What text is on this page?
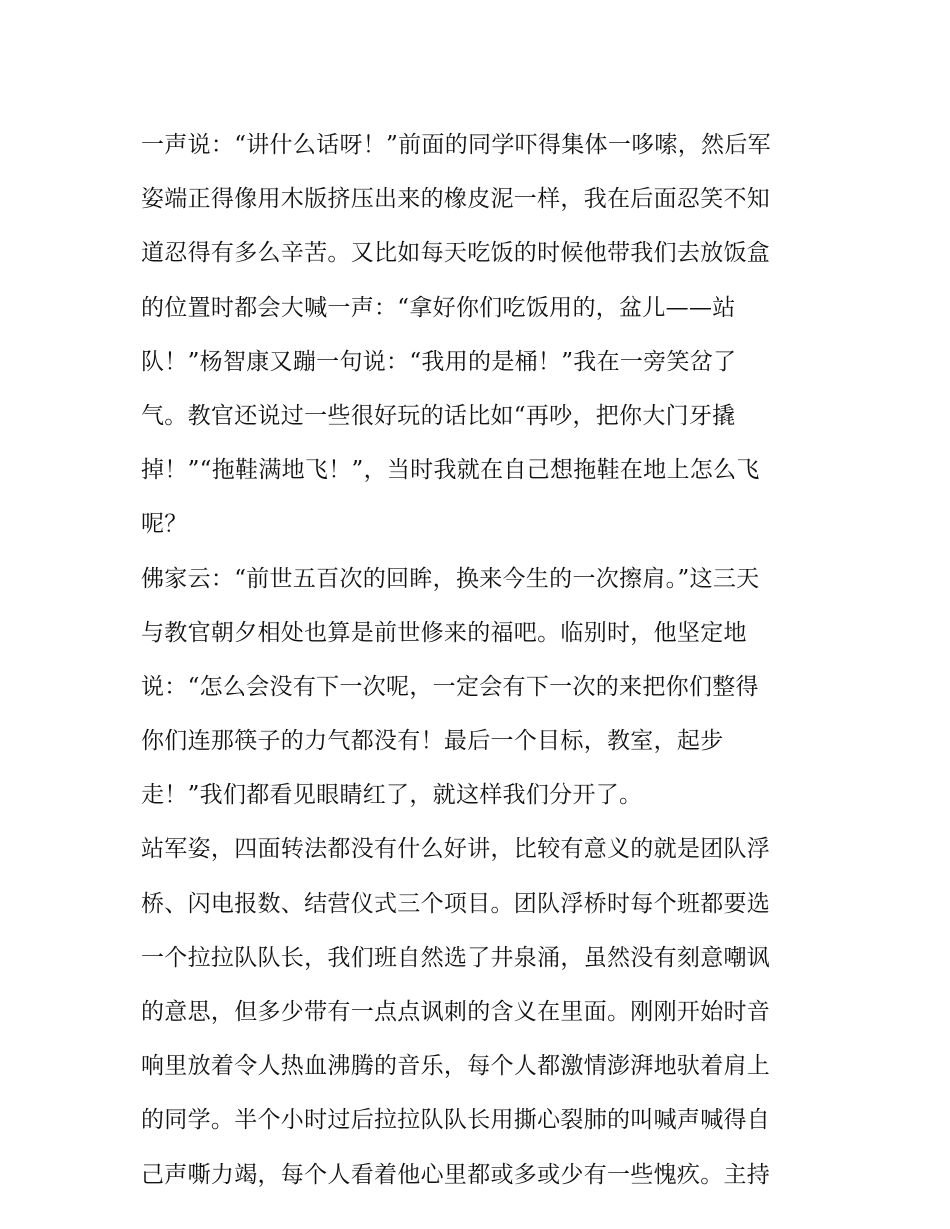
一声说：“讲什么话呀！”前面的同学吓得集体一哆嗦，然后军
姿端正得像用木版挤压出来的橡皮泥一样，我在后面忍笑不知
道忍得有多么辛苦。又比如每天吃饭的时候他带我们去放饭盒
的位置时都会大喊一声：“拿好你们吃饭用的，盆儿——站
队！”杨智康又蹦一句说：“我用的是桶！”我在一旁笑岔了
气。教官还说过一些很好玩的话比如“再吵，把你大门牙撬
掉！”“拖鞋满地飞！”，当时我就在自己想拖鞋在地上怎么飞
呢？
佛家云：“前世五百次的回眸，换来今生的一次擦肩。”这三天
与教官朝夕相处也算是前世修来的福吧。临别时，他坚定地
说：“怎么会没有下一次呢，一定会有下一次的来把你们整得
你们连那筷子的力气都没有！最后一个目标，教室，起步
走！”我们都看见眼睛红了，就这样我们分开了。
站军姿，四面转法都没有什么好讲，比较有意义的就是团队浮
桥、闪电报数、结营仪式三个项目。团队浮桥时每个班都要选
一个拉拉队队长，我们班自然选了井泉涌，虽然没有刻意嘲讽
的意思，但多少带有一点点讽刺的含义在里面。刚刚开始时音
响里放着令人热血沸腾的音乐，每个人都激情澎湃地驮着肩上
的同学。半个小时过后拉拉队队长用撕心裂肺的叫喊声喊得自
己声嘶力竭，每个人看着他心里都或多或少有一些愧疚。主持
